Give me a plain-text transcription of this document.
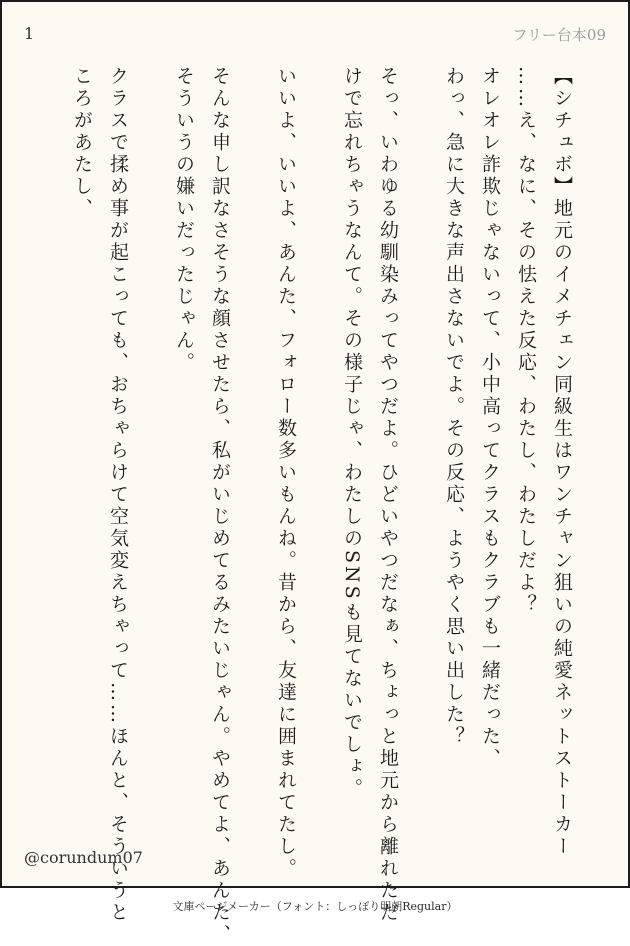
1	フリー台本09
【シチュボ】地元のイメチェン同級生はワンチャン狙いの純愛ネットストーカー
……え、なに、その怯えた反応、わたし、わたしだよ？
オレオレ詐欺じゃないって、小中高ってクラスもクラブも一緒だった、
わっ、急に大きな声出さないでよ。その反応、ようやく思い出した？
そっ、いわゆる幼馴染みってやつだよ。ひどいやつだなぁ、ちょっと地元から離れただ
けで忘れちゃうなんて。その様子じゃ、わたしのSNSも見てないでしょ。
いいよ、いいよ、あんた、フォロー数多いもんね。昔から、友達に囲まれてたし。
そんな申し訳なさそうな顔させたら、私がいじめてるみたいじゃん。やめてよ、あんた、
そういうの嫌いだったじゃん。
クラスで揉め事が起こっても、おちゃらけて空気変えちゃって……ほんと、そういうと
ころがあたし、
@corundum07
文庫ページメーカー（フォント：しっぽり明朝Regular）
